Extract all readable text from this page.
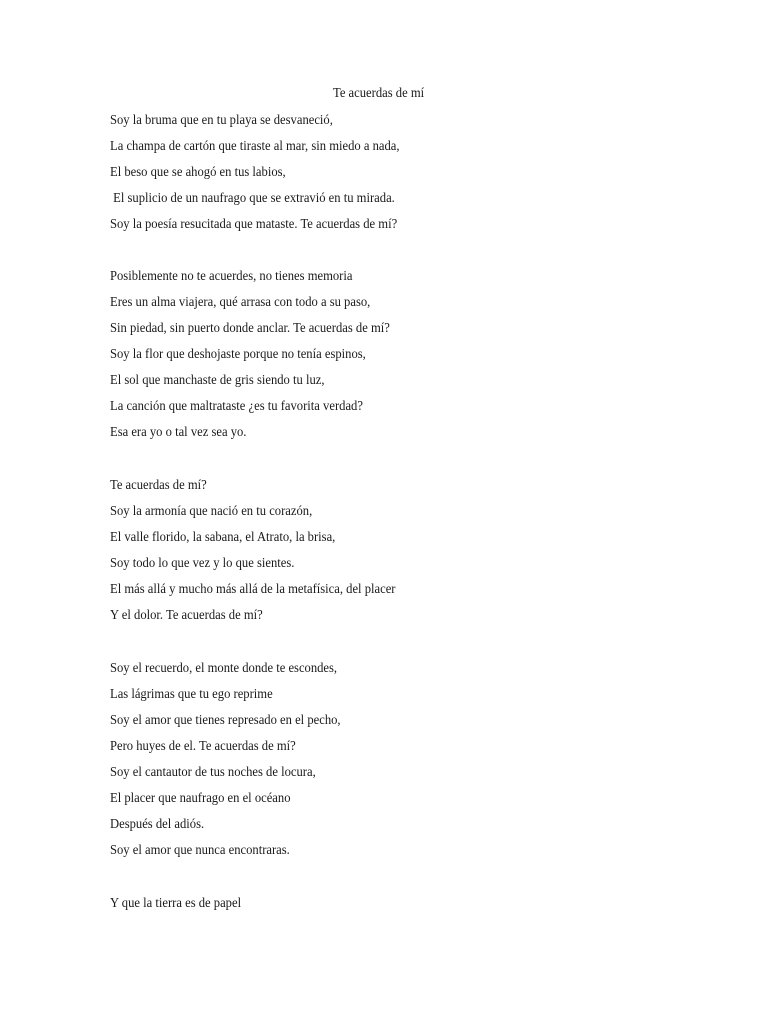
Te acuerdas de mí
Soy la bruma que en tu playa se desvaneció,
La champa de cartón que tiraste al mar, sin miedo a nada,
El beso que se ahogó en tus labios,
El suplicio de un naufrago que se extravió en tu mirada.
Soy la poesía resucitada que mataste. Te acuerdas de mí?
Posiblemente no te acuerdes, no tienes memoria
Eres un alma viajera, qué arrasa con todo a su paso,
Sin piedad, sin puerto donde anclar. Te acuerdas de mí?
Soy la flor que deshojaste porque no tenía espinos,
El sol que manchaste de gris siendo tu luz,
La canción que maltrataste ¿es tu favorita verdad?
Esa era yo o tal vez sea yo.
Te acuerdas de mí?
Soy la armonía que nació en tu corazón,
El valle florido, la sabana, el Atrato, la brisa,
Soy todo lo que vez y lo que sientes.
El más allá y mucho más allá de la metafísica, del placer
Y el dolor. Te acuerdas de mí?
Soy el recuerdo, el monte donde te escondes,
Las lágrimas que tu ego reprime
Soy el amor que tienes represado en el pecho,
Pero huyes de el. Te acuerdas de mí?
Soy el cantautor de tus noches de locura,
El placer que naufrago en el océano
Después del adiós.
Soy el amor que nunca encontraras.
Y que la tierra es de papel
